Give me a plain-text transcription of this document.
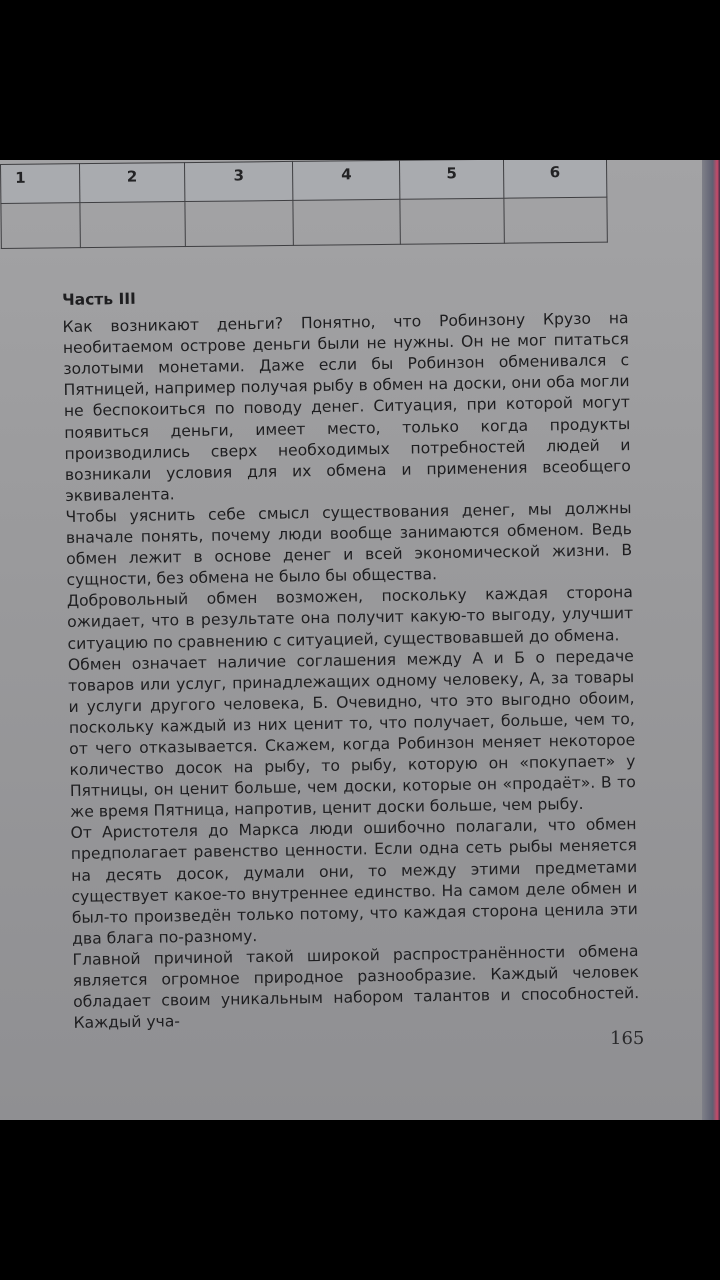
1	2	3	4	5	6

Часть III

Как возникают деньги? Понятно, что Робинзону Крузо на необитаемом острове деньги были не нужны. Он не мог питаться золотыми монетами. Даже если бы Робинзон обменивался с Пятницей, например получая рыбу в обмен на доски, они оба могли не беспокоиться по поводу денег. Ситуация, при которой могут появиться деньги, имеет место, только когда продукты производились сверх необходимых потребностей людей и возникали условия для их обмена и применения всеобщего эквивалента.

Чтобы уяснить себе смысл существования денег, мы должны вначале понять, почему люди вообще занимаются обменом. Ведь обмен лежит в основе денег и всей экономической жизни. В сущности, без обмена не было бы общества.

Добровольный обмен возможен, поскольку каждая сторона ожидает, что в результате она получит какую-то выгоду, улучшит ситуацию по сравнению с ситуацией, существовавшей до обмена.

Обмен означает наличие соглашения между А и Б о передаче товаров или услуг, принадлежащих одному человеку, А, за товары и услуги другого человека, Б. Очевидно, что это выгодно обоим, поскольку каждый из них ценит то, что получает, больше, чем то, от чего отказывается. Скажем, когда Робинзон меняет некоторое количество досок на рыбу, то рыбу, которую он «покупает» у Пятницы, он ценит больше, чем доски, которые он «продаёт». В то же время Пятница, напротив, ценит доски больше, чем рыбу.

От Аристотеля до Маркса люди ошибочно полагали, что обмен предполагает равенство ценности. Если одна сеть рыбы меняется на десять досок, думали они, то между этими предметами существует какое-то внутреннее единство. На самом деле обмен и был-то произведён только потому, что каждая сторона ценила эти два блага по-разному.

Главной причиной такой широкой распространённости обмена является огромное природное разнообразие. Каждый человек обладает своим уникальным набором талантов и способностей. Каждый уча-

165
